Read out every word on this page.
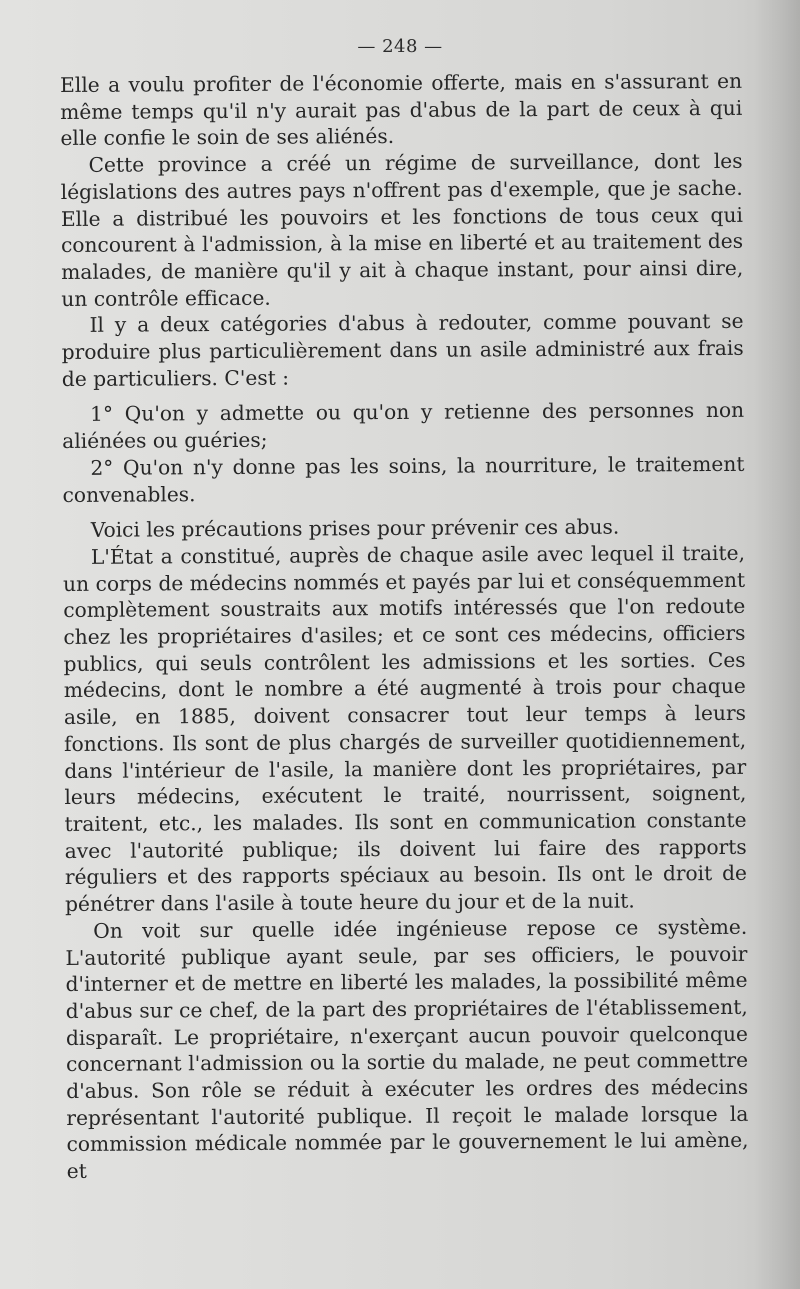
— 248 —

Elle a voulu profiter de l'économie offerte, mais en s'assurant en même temps qu'il n'y aurait pas d'abus de la part de ceux à qui elle confie le soin de ses aliénés.

Cette province a créé un régime de surveillance, dont les législations des autres pays n'offrent pas d'exemple, que je sache. Elle a distribué les pouvoirs et les fonctions de tous ceux qui concourent à l'admission, à la mise en liberté et au traitement des malades, de manière qu'il y ait à chaque instant, pour ainsi dire, un contrôle efficace.

Il y a deux catégories d'abus à redouter, comme pouvant se produire plus particulièrement dans un asile administré aux frais de particuliers. C'est :

1° Qu'on y admette ou qu'on y retienne des personnes non aliénées ou guéries;

2° Qu'on n'y donne pas les soins, la nourriture, le traitement convenables.

Voici les précautions prises pour prévenir ces abus.

L'État a constitué, auprès de chaque asile avec lequel il traite, un corps de médecins nommés et payés par lui et conséquemment complètement soustraits aux motifs intéressés que l'on redoute chez les propriétaires d'asiles; et ce sont ces médecins, officiers publics, qui seuls contrôlent les admissions et les sorties. Ces médecins, dont le nombre a été augmenté à trois pour chaque asile, en 1885, doivent consacrer tout leur temps à leurs fonctions. Ils sont de plus chargés de surveiller quotidiennement, dans l'intérieur de l'asile, la manière dont les propriétaires, par leurs médecins, exécutent le traité, nourrissent, soignent, traitent, etc., les malades. Ils sont en communication constante avec l'autorité publique; ils doivent lui faire des rapports réguliers et des rapports spéciaux au besoin. Ils ont le droit de pénétrer dans l'asile à toute heure du jour et de la nuit.

On voit sur quelle idée ingénieuse repose ce système. L'autorité publique ayant seule, par ses officiers, le pouvoir d'interner et de mettre en liberté les malades, la possibilité même d'abus sur ce chef, de la part des propriétaires de l'établissement, disparaît. Le propriétaire, n'exerçant aucun pouvoir quelconque concernant l'admission ou la sortie du malade, ne peut commettre d'abus. Son rôle se réduit à exécuter les ordres des médecins représentant l'autorité publique. Il reçoit le malade lorsque la commission médicale nommée par le gouvernement le lui amène, et
